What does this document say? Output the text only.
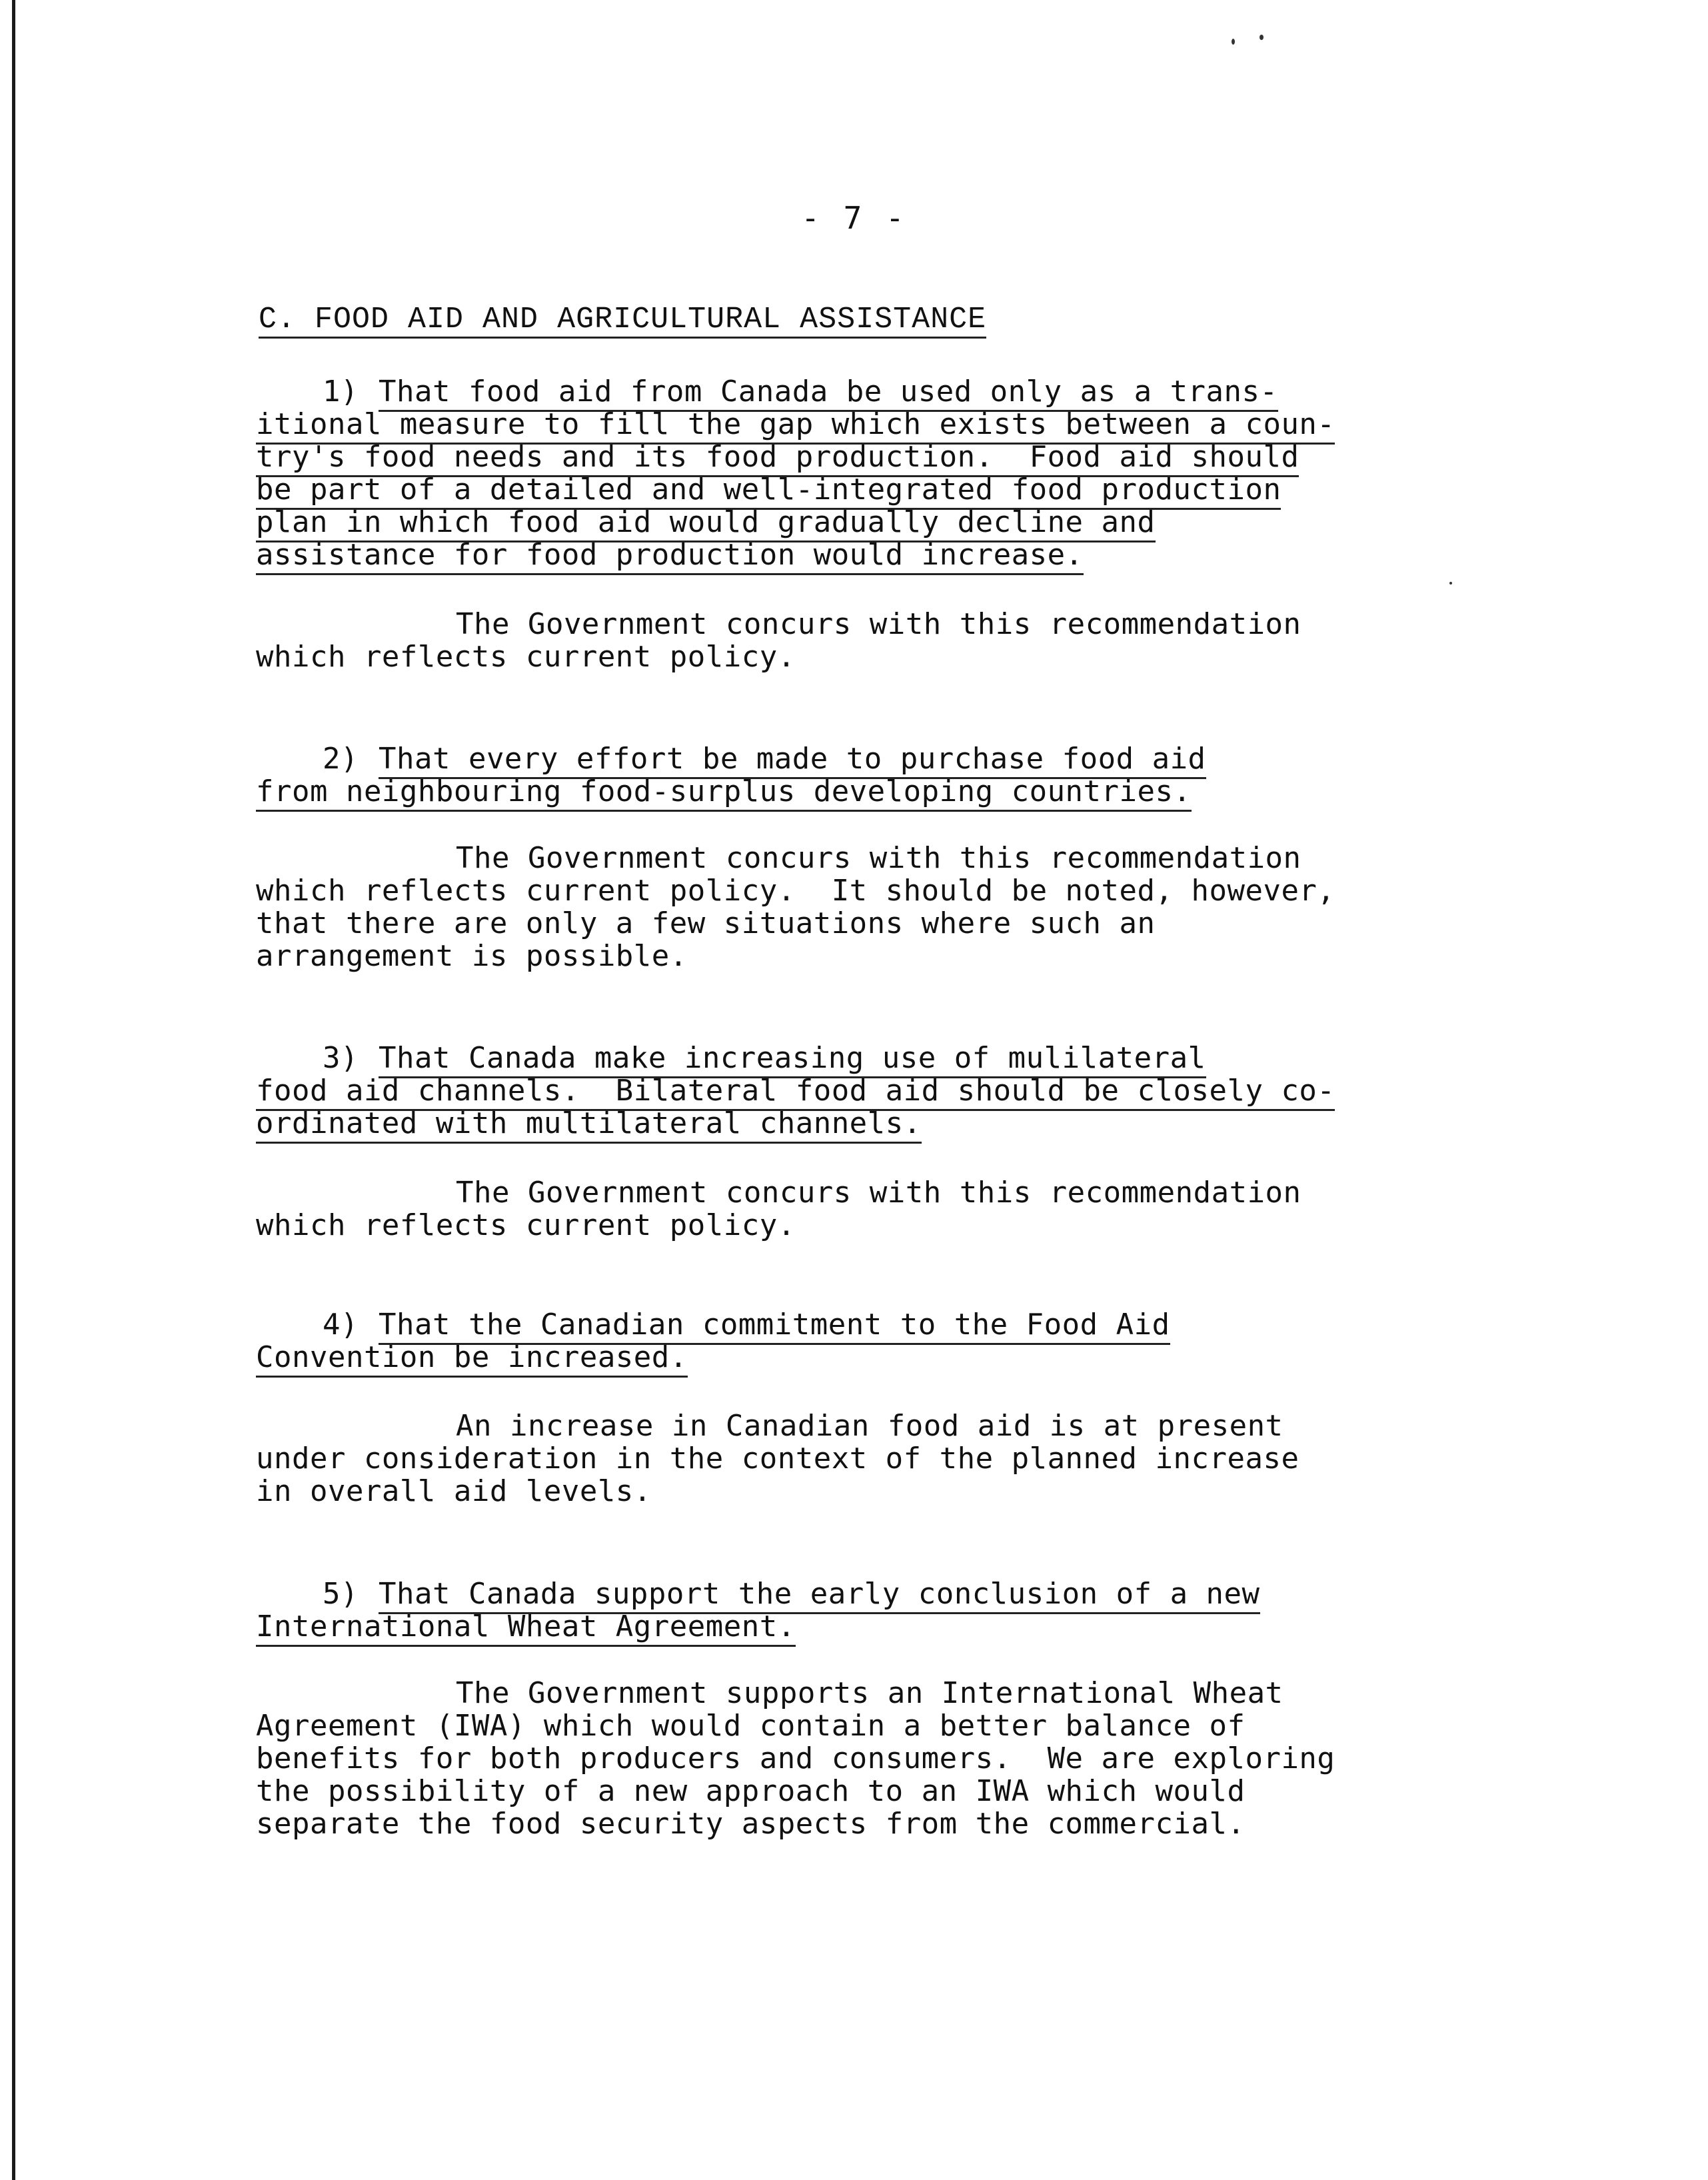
- 7 -
C. FOOD AID AND AGRICULTURAL ASSISTANCE
1) That food aid from Canada be used only as a trans-
itional measure to fill the gap which exists between a coun-
try's food needs and its food production.  Food aid should
be part of a detailed and well-integrated food production
plan in which food aid would gradually decline and
assistance for food production would increase.
The Government concurs with this recommendation
which reflects current policy.
2) That every effort be made to purchase food aid
from neighbouring food-surplus developing countries.
The Government concurs with this recommendation
which reflects current policy.  It should be noted, however,
that there are only a few situations where such an
arrangement is possible.
3) That Canada make increasing use of mulilateral
food aid channels.  Bilateral food aid should be closely co-
ordinated with multilateral channels.
The Government concurs with this recommendation
which reflects current policy.
4) That the Canadian commitment to the Food Aid
Convention be increased.
An increase in Canadian food aid is at present
under consideration in the context of the planned increase
in overall aid levels.
5) That Canada support the early conclusion of a new
International Wheat Agreement.
The Government supports an International Wheat
Agreement (IWA) which would contain a better balance of
benefits for both producers and consumers.  We are exploring
the possibility of a new approach to an IWA which would
separate the food security aspects from the commercial.
